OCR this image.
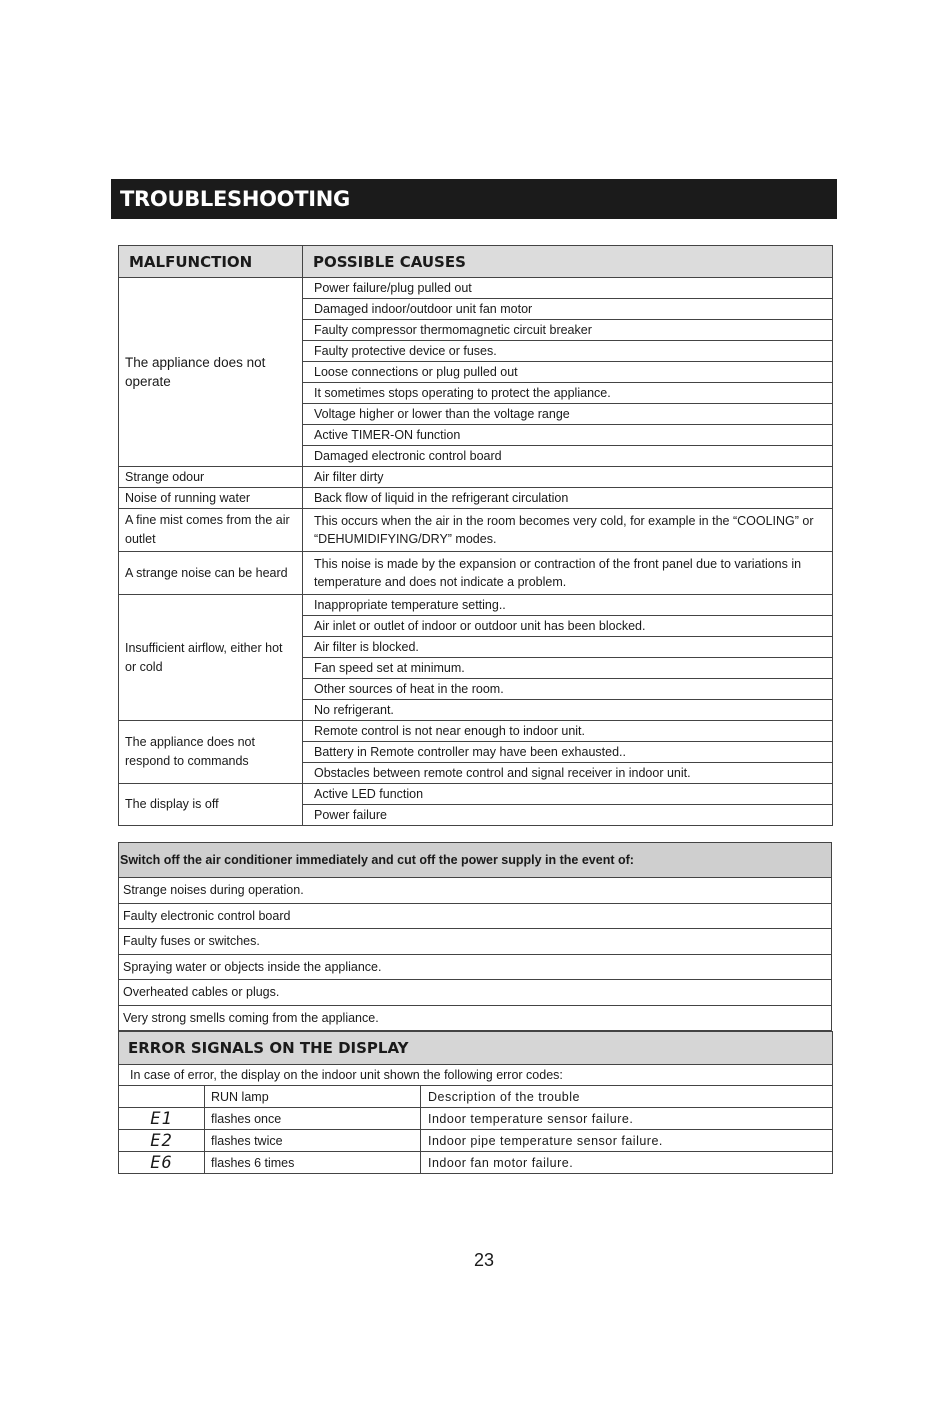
TROUBLESHOOTING
MALFUNCTION	POSSIBLE CAUSES
The appliance does not operate	Power failure/plug pulled out
	Damaged indoor/outdoor unit fan motor
	Faulty compressor thermomagnetic circuit breaker
	Faulty protective device or fuses.
	Loose connections or plug pulled out
	It sometimes stops operating to protect the appliance.
	Voltage higher or lower than the voltage range
	Active TIMER-ON function
	Damaged electronic control board
Strange odour	Air filter dirty
Noise of running water	Back flow of liquid in the refrigerant circulation
A fine mist comes from the air outlet	This occurs when the air in the room becomes very cold, for example in the “COOLING” or “DEHUMIDIFYING/DRY” modes.
A strange noise can be heard	This noise is made by the expansion or contraction of the front panel due to variations in temperature and does not indicate a problem.
Insufficient airflow, either hot or cold	Inappropriate temperature setting..
	Air inlet or outlet of indoor or outdoor unit has been blocked.
	Air filter is blocked.
	Fan speed set at minimum.
	Other sources of heat in the room.
	No refrigerant.
The appliance does not respond to commands	Remote control is not near enough to indoor unit.
	Battery in Remote controller may have been exhausted..
	Obstacles between remote control and signal receiver in indoor unit.
The display is off	Active LED function
	Power failure
Switch off the air conditioner immediately and cut off the power supply in the event of:
Strange noises during operation.
Faulty electronic control board
Faulty fuses or switches.
Spraying water or objects inside the appliance.
Overheated cables or plugs.
Very strong smells coming from the appliance.
ERROR SIGNALS ON THE DISPLAY		
In case of error, the display on the indoor unit shown the following error codes:		
	RUN lamp	Description of the trouble
E1	flashes once	Indoor temperature sensor failure.
E2	flashes twice	Indoor pipe temperature sensor failure.
E6	flashes 6 times	Indoor fan motor failure.
23
